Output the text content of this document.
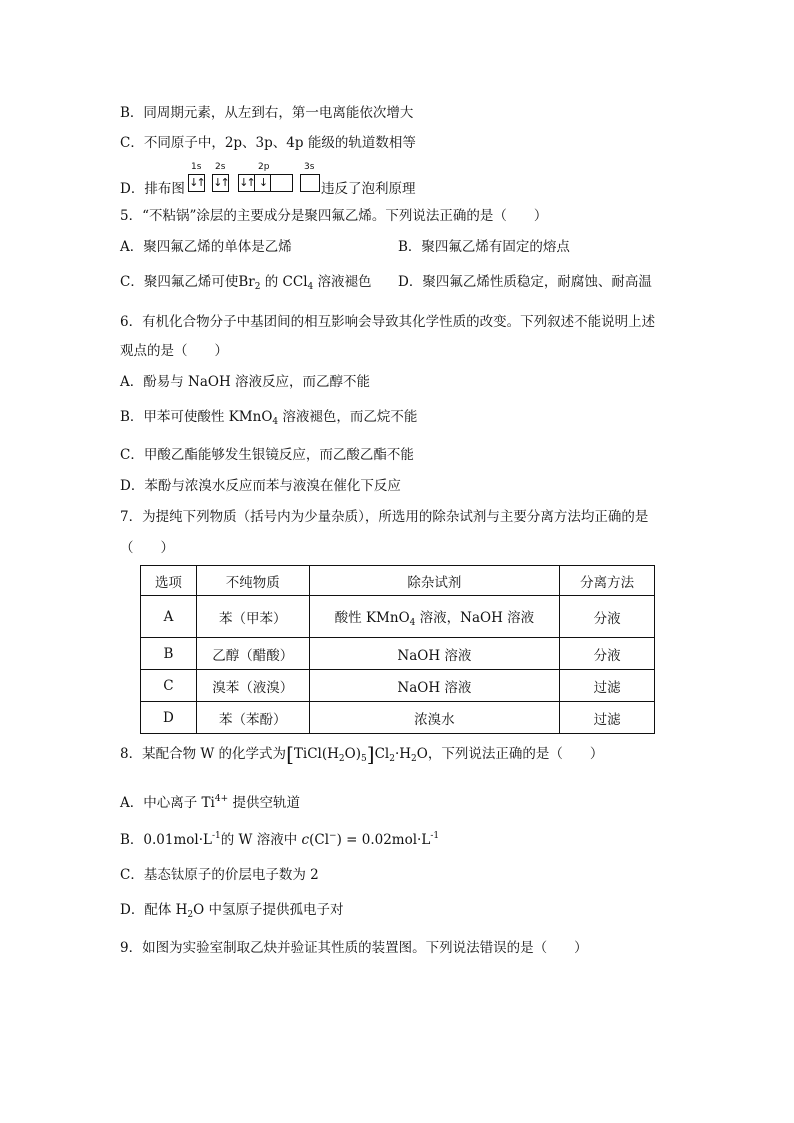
B．同周期元素，从左到右，第一电离能依次增大
C．不同原子中，2p、3p、4p 能级的轨道数相等
D．排布图
1s
↓↑
2s
↓↑
2p
↓↑ ↓
3s
违反了泡利原理
5．“不粘锅”涂层的主要成分是聚四氟乙烯。下列说法正确的是（　　）
A．聚四氟乙烯的单体是乙烯	B．聚四氟乙烯有固定的熔点
C．聚四氟乙烯可使$Br_2$ 的 CCl$_4$ 溶液褪色 D．聚四氟乙烯性质稳定，耐腐蚀、耐高温
6．有机化合物分子中基团间的相互影响会导致其化学性质的改变。下列叙述不能说明上述
观点的是（　　）
A．酚易与 NaOH 溶液反应，而乙醇不能
B．甲苯可使酸性 KMnO$_4$ 溶液褪色，而乙烷不能
C．甲酸乙酯能够发生银镜反应，而乙酸乙酯不能
D．苯酚与浓溴水反应而苯与液溴在催化下反应
7．为提纯下列物质（括号内为少量杂质），所选用的除杂试剂与主要分离方法均正确的是
（　　）
选项	不纯物质	除杂试剂	分离方法
A	苯（甲苯）	酸性 KMnO$_4$ 溶液，NaOH 溶液	分液
B	乙醇（醋酸）	NaOH 溶液	分液
C	溴苯（液溴）	NaOH 溶液	过滤
D	苯（苯酚）	浓溴水	过滤
8．某配合物 W 的化学式为$[TiCl(H_2O)_5]Cl_2\cdot H_2O$，下列说法正确的是（　　）
A．中心离子 $Ti^{4+}$ 提供空轨道
B．$0.01mol\cdot L^{-1}$的 W 溶液中 $c(Cl^-) = 0.02mol\cdot L^{-1}$
C．基态钛原子的价层电子数为 2
D．配体 $H_2O$ 中氢原子提供孤电子对
9．如图为实验室制取乙炔并验证其性质的装置图。下列说法错误的是（　　）
